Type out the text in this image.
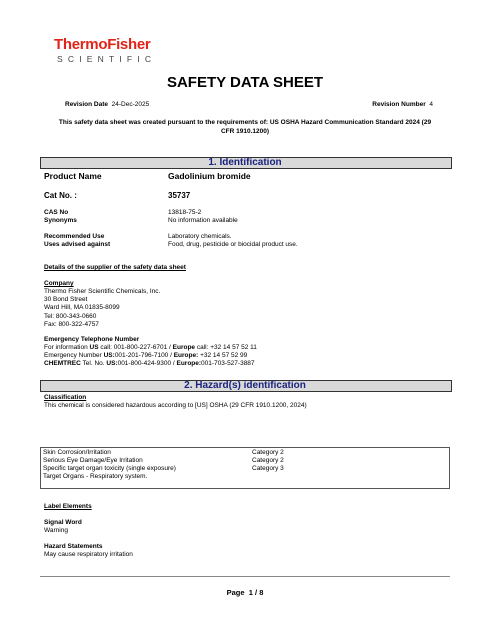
ThermoFisher
SCIENTIFIC
SAFETY DATA SHEET
Revision Date 24-Dec-2025	Revision Number 4
This safety data sheet was created pursuant to the requirements of: US OSHA Hazard Communication Standard 2024 (29
CFR 1910.1200)
1. Identification
Product Name	Gadolinium bromide
Cat No. :	35737
CAS No	13818-75-2
Synonyms	No information available
Recommended Use	Laboratory chemicals.
Uses advised against	Food, drug, pesticide or biocidal product use.
Details of the supplier of the safety data sheet
Company
Thermo Fisher Scientific Chemicals, Inc.
30 Bond Street
Ward Hill, MA 01835-8099
Tel: 800-343-0660
Fax: 800-322-4757
Emergency Telephone Number
For information US call: 001-800-227-6701 / Europe call: +32 14 57 52 11
Emergency Number US:001-201-796-7100 / Europe: +32 14 57 52 99
CHEMTREC Tel. No. US:001-800-424-9300 / Europe:001-703-527-3887
2. Hazard(s) identification
Classification
This chemical is considered hazardous according to [US] OSHA (29 CFR 1910.1200, 2024)
Skin Corrosion/Irritation	Category 2
Serious Eye Damage/Eye Irritation	Category 2
Specific target organ toxicity (single exposure)	Category 3
Target Organs - Respiratory system.
Label Elements
Signal Word
Warning
Hazard Statements
May cause respiratory irritation
Page 1 / 8
